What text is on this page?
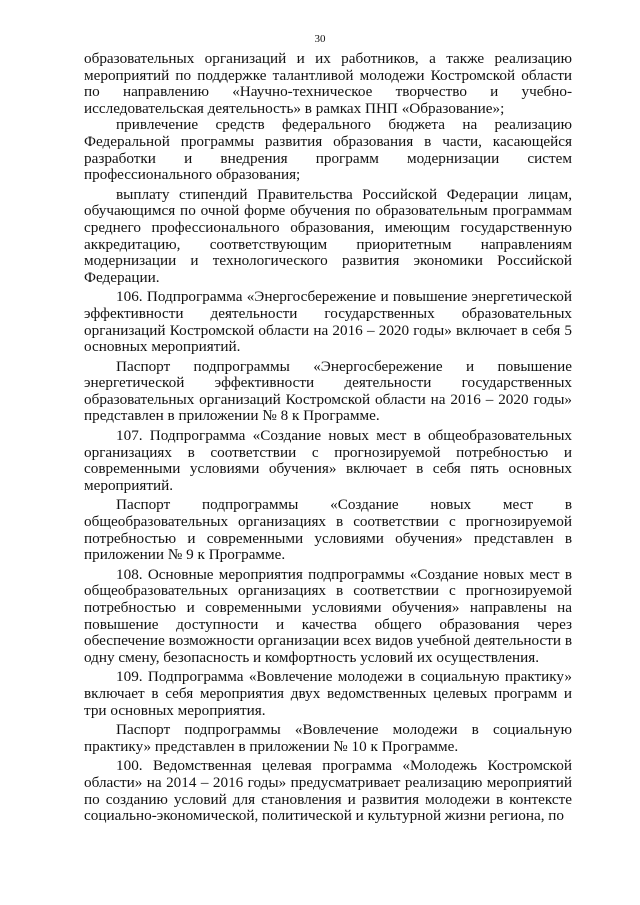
30

образовательных организаций и их работников, а также реализацию мероприятий по поддержке талантливой молодежи Костромской области по направлению «Научно-техническое творчество и учебно-исследовательская деятельность» в рамках ПНП «Образование»;

привлечение средств федерального бюджета на реализацию Федеральной программы развития образования в части, касающейся разработки и внедрения программ модернизации систем профессионального образования;

выплату стипендий Правительства Российской Федерации лицам, обучающимся по очной форме обучения по образовательным программам среднего профессионального образования, имеющим государственную аккредитацию, соответствующим приоритетным направлениям модернизации и технологического развития экономики Российской Федерации.

106. Подпрограмма «Энергосбережение и повышение энергетической эффективности деятельности государственных образовательных организаций Костромской области на 2016 – 2020 годы» включает в себя 5 основных мероприятий.

Паспорт подпрограммы «Энергосбережение и повышение энергетической эффективности деятельности государственных образовательных организаций Костромской области на 2016 – 2020 годы» представлен в приложении № 8 к Программе.

107. Подпрограмма «Создание новых мест в общеобразовательных организациях в соответствии с прогнозируемой потребностью и современными условиями обучения» включает в себя пять основных мероприятий.

Паспорт подпрограммы «Создание новых мест в общеобразовательных организациях в соответствии с прогнозируемой потребностью и современными условиями обучения» представлен в приложении № 9 к Программе.

108. Основные мероприятия подпрограммы «Создание новых мест в общеобразовательных организациях в соответствии с прогнозируемой потребностью и современными условиями обучения» направлены на повышение доступности и качества общего образования через обеспечение возможности организации всех видов учебной деятельности в одну смену, безопасность и комфортность условий их осуществления.

109. Подпрограмма «Вовлечение молодежи в социальную практику» включает в себя мероприятия двух ведомственных целевых программ и три основных мероприятия.

Паспорт подпрограммы «Вовлечение молодежи в социальную практику» представлен в приложении № 10 к Программе.

100. Ведомственная целевая программа «Молодежь Костромской области» на 2014 – 2016 годы» предусматривает реализацию мероприятий по созданию условий для становления и развития молодежи в контексте социально-экономической, политической и культурной жизни региона, по
